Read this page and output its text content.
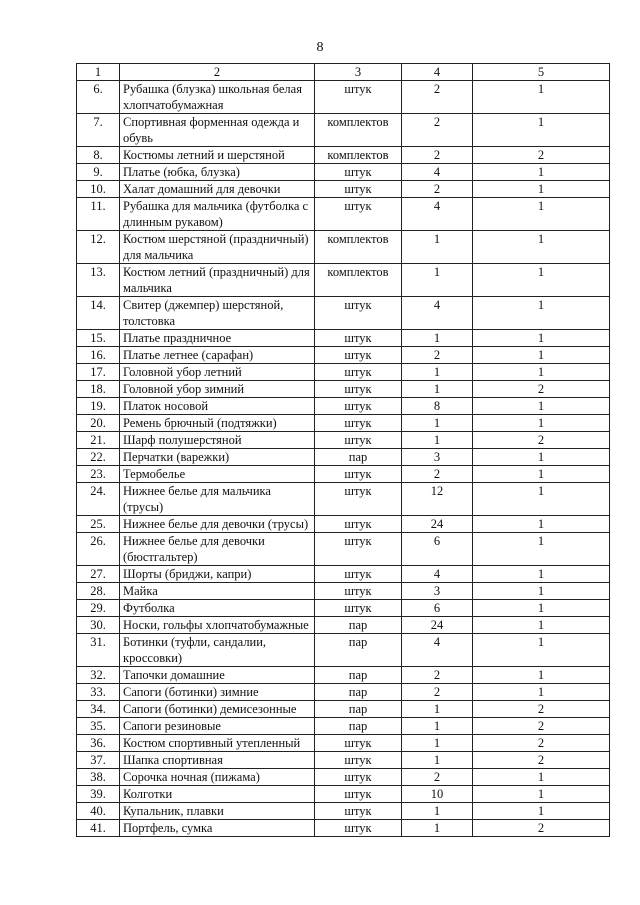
8
1	2	3	4	5
6.	Рубашка (блузка) школьная белая хлопчатобумажная	штук	2	1
7.	Спортивная форменная одежда и обувь	комплектов	2	1
8.	Костюмы летний и шерстяной	комплектов	2	2
9.	Платье (юбка, блузка)	штук	4	1
10.	Халат домашний для девочки	штук	2	1
11.	Рубашка для мальчика (футболка с длинным рукавом)	штук	4	1
12.	Костюм шерстяной (праздничный) для мальчика	комплектов	1	1
13.	Костюм летний (праздничный) для мальчика	комплектов	1	1
14.	Свитер (джемпер) шерстяной, толстовка	штук	4	1
15.	Платье праздничное	штук	1	1
16.	Платье летнее (сарафан)	штук	2	1
17.	Головной убор летний	штук	1	1
18.	Головной убор зимний	штук	1	2
19.	Платок носовой	штук	8	1
20.	Ремень брючный (подтяжки)	штук	1	1
21.	Шарф полушерстяной	штук	1	2
22.	Перчатки (варежки)	пар	3	1
23.	Термобелье	штук	2	1
24.	Нижнее белье для мальчика (трусы)	штук	12	1
25.	Нижнее белье для девочки (трусы)	штук	24	1
26.	Нижнее белье для девочки (бюстгальтер)	штук	6	1
27.	Шорты (бриджи, капри)	штук	4	1
28.	Майка	штук	3	1
29.	Футболка	штук	6	1
30.	Носки, гольфы хлопчатобумажные	пар	24	1
31.	Ботинки (туфли, сандалии, кроссовки)	пар	4	1
32.	Тапочки домашние	пар	2	1
33.	Сапоги (ботинки) зимние	пар	2	1
34.	Сапоги (ботинки) демисезонные	пар	1	2
35.	Сапоги резиновые	пар	1	2
36.	Костюм спортивный утепленный	штук	1	2
37.	Шапка спортивная	штук	1	2
38.	Сорочка ночная (пижама)	штук	2	1
39.	Колготки	штук	10	1
40.	Купальник, плавки	штук	1	1
41.	Портфель, сумка	штук	1	2
